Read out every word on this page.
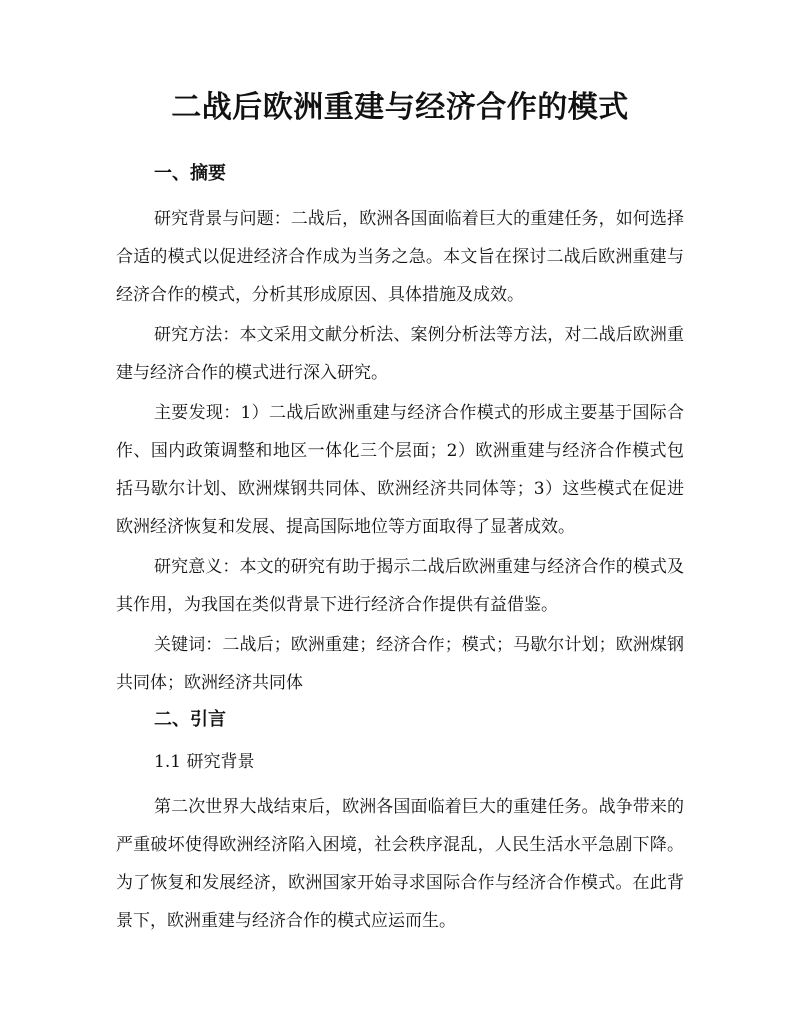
二战后欧洲重建与经济合作的模式
一、摘要

研究背景与问题：二战后，欧洲各国面临着巨大的重建任务，如何选择合适的模式以促进经济合作成为当务之急。本文旨在探讨二战后欧洲重建与经济合作的模式，分析其形成原因、具体措施及成效。

研究方法：本文采用文献分析法、案例分析法等方法，对二战后欧洲重建与经济合作的模式进行深入研究。

主要发现：1）二战后欧洲重建与经济合作模式的形成主要基于国际合作、国内政策调整和地区一体化三个层面；2）欧洲重建与经济合作模式包括马歇尔计划、欧洲煤钢共同体、欧洲经济共同体等；3）这些模式在促进欧洲经济恢复和发展、提高国际地位等方面取得了显著成效。

研究意义：本文的研究有助于揭示二战后欧洲重建与经济合作的模式及其作用，为我国在类似背景下进行经济合作提供有益借鉴。

关键词：二战后；欧洲重建；经济合作；模式；马歇尔计划；欧洲煤钢共同体；欧洲经济共同体

二、引言
1.1 研究背景

第二次世界大战结束后，欧洲各国面临着巨大的重建任务。战争带来的严重破坏使得欧洲经济陷入困境，社会秩序混乱，人民生活水平急剧下降。为了恢复和发展经济，欧洲国家开始寻求国际合作与经济合作模式。在此背景下，欧洲重建与经济合作的模式应运而生。
